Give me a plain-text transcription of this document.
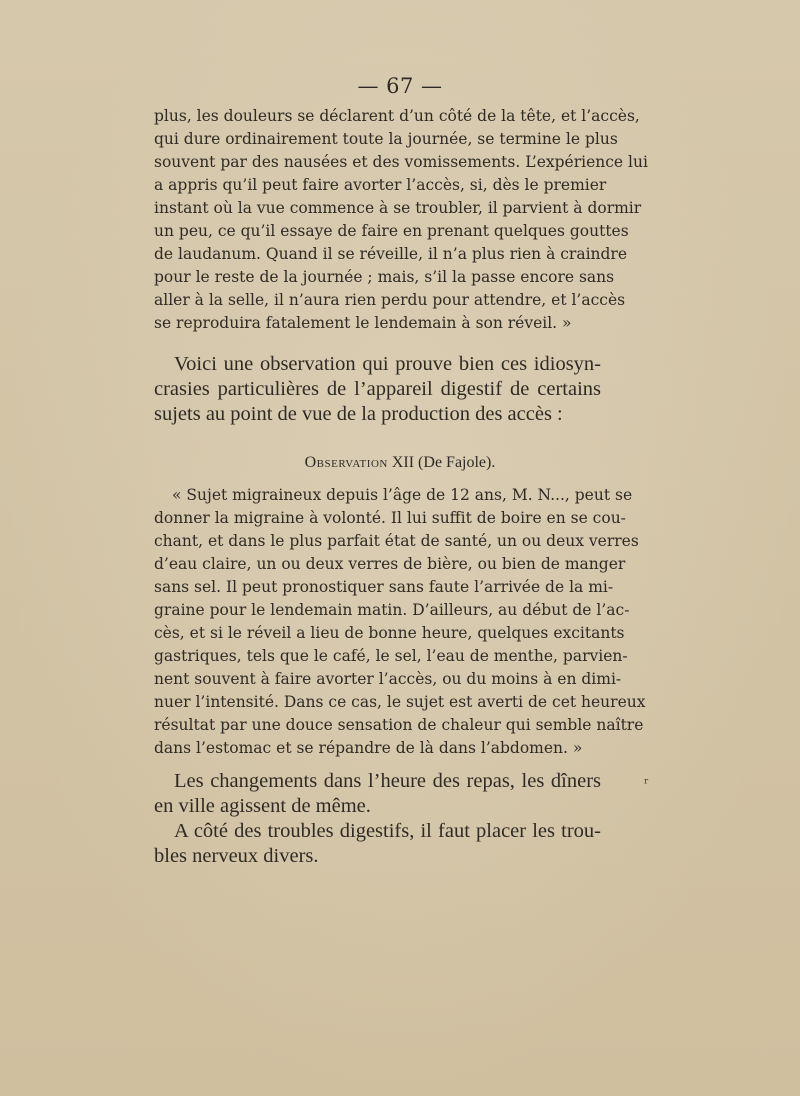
— 67 —
plus, les douleurs se déclarent d’un côté de la tête, et l’accès,
qui dure ordinairement toute la journée, se termine le plus
souvent par des nausées et des vomissements. L’expérience lui
a appris qu’il peut faire avorter l’accès, si, dès le premier
instant où la vue commence à se troubler, il parvient à dormir
un peu, ce qu’il essaye de faire en prenant quelques gouttes
de laudanum. Quand il se réveille, il n’a plus rien à craindre
pour le reste de la journée ; mais, s’il la passe encore sans
aller à la selle, il n’aura rien perdu pour attendre, et l’accès
se reproduira fatalement le lendemain à son réveil. »
Voici une observation qui prouve bien ces idiosyn-
crasies particulières de l’appareil digestif de certains
sujets au point de vue de la production des accès :
Observation XII (De Fajole).
« Sujet migraineux depuis l’âge de 12 ans, M. N..., peut se
donner la migraine à volonté. Il lui suffit de boire en se cou-
chant, et dans le plus parfait état de santé, un ou deux verres
d’eau claire, un ou deux verres de bière, ou bien de manger
sans sel. Il peut pronostiquer sans faute l’arrivée de la mi-
graine pour le lendemain matin. D’ailleurs, au début de l’ac-
cès, et si le réveil a lieu de bonne heure, quelques excitants
gastriques, tels que le café, le sel, l’eau de menthe, parvien-
nent souvent à faire avorter l’accès, ou du moins à en dimi-
nuer l’intensité. Dans ce cas, le sujet est averti de cet heureux
résultat par une douce sensation de chaleur qui semble naître
dans l’estomac et se répandre de là dans l’abdomen. »
Les changements dans l’heure des repas, les dîners
en ville agissent de même.
A côté des troubles digestifs, il faut placer les trou-
bles nerveux divers.
ʳ
